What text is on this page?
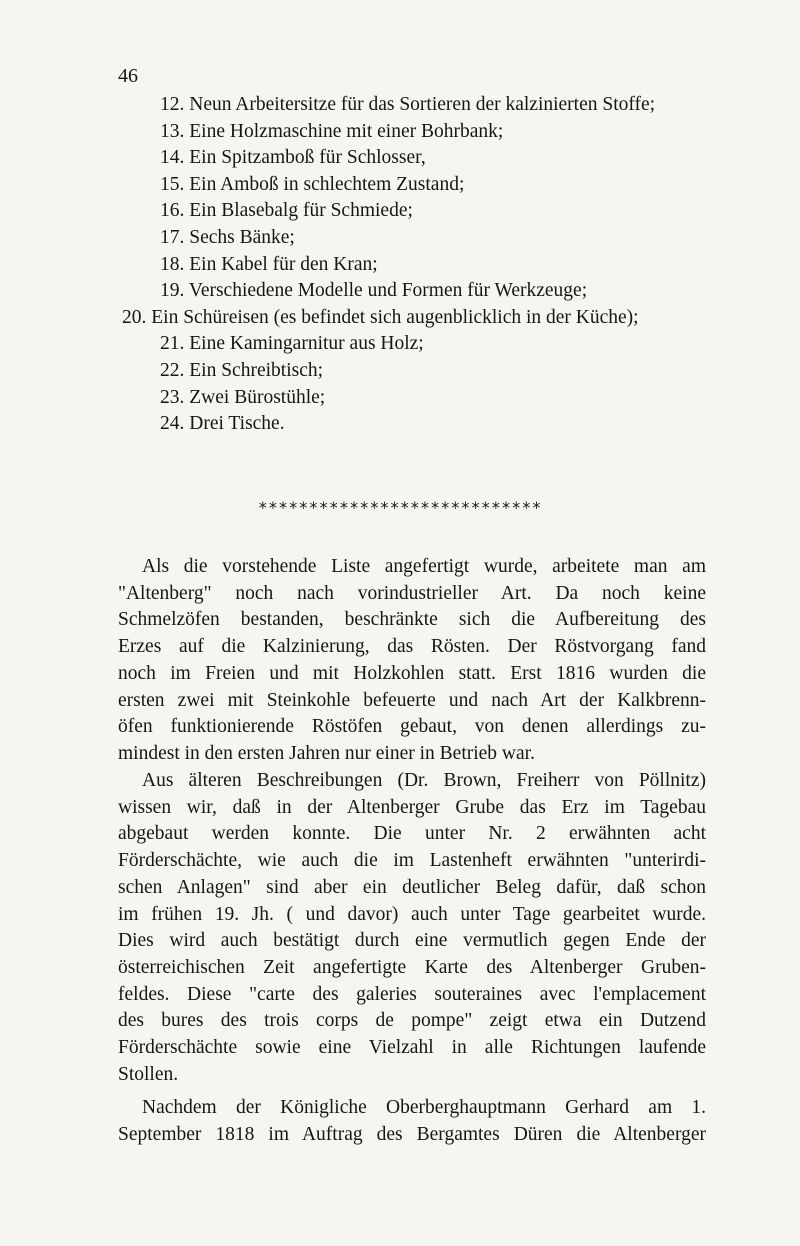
46
12. Neun Arbeitersitze für das Sortieren der kalzinierten Stoffe;
13. Eine Holzmaschine mit einer Bohrbank;
14. Ein Spitzamboß für Schlosser,
15. Ein Amboß in schlechtem Zustand;
16. Ein Blasebalg für Schmiede;
17. Sechs Bänke;
18. Ein Kabel für den Kran;
19. Verschiedene Modelle und Formen für Werkzeuge;
20. Ein Schüreisen (es befindet sich augenblicklich in der Küche);
21. Eine Kamingarnitur aus Holz;
22. Ein Schreibtisch;
23. Zwei Bürostühle;
24. Drei Tische.
****************************
Als die vorstehende Liste angefertigt wurde, arbeitete man am
"Altenberg" noch nach vorindustrieller Art. Da noch keine
Schmelzöfen bestanden, beschränkte sich die Aufbereitung des
Erzes auf die Kalzinierung, das Rösten. Der Röstvorgang fand
noch im Freien und mit Holzkohlen statt. Erst 1816 wurden die
ersten zwei mit Steinkohle befeuerte und nach Art der Kalkbrenn-
öfen funktionierende Röstöfen gebaut, von denen allerdings zu-
mindest in den ersten Jahren nur einer in Betrieb war.
Aus älteren Beschreibungen (Dr. Brown, Freiherr von Pöllnitz)
wissen wir, daß in der Altenberger Grube das Erz im Tagebau
abgebaut werden konnte. Die unter Nr. 2 erwähnten acht
Förderschächte, wie auch die im Lastenheft erwähnten "unterirdi-
schen Anlagen" sind aber ein deutlicher Beleg dafür, daß schon
im frühen 19. Jh. ( und davor) auch unter Tage gearbeitet wurde.
Dies wird auch bestätigt durch eine vermutlich gegen Ende der
österreichischen Zeit angefertigte Karte des Altenberger Gruben-
feldes. Diese "carte des galeries souteraines avec l'emplacement
des bures des trois corps de pompe" zeigt etwa ein Dutzend
Förderschächte sowie eine Vielzahl in alle Richtungen laufende
Stollen.
Nachdem der Königliche Oberberghauptmann Gerhard am 1.
September 1818 im Auftrag des Bergamtes Düren die Altenberger
